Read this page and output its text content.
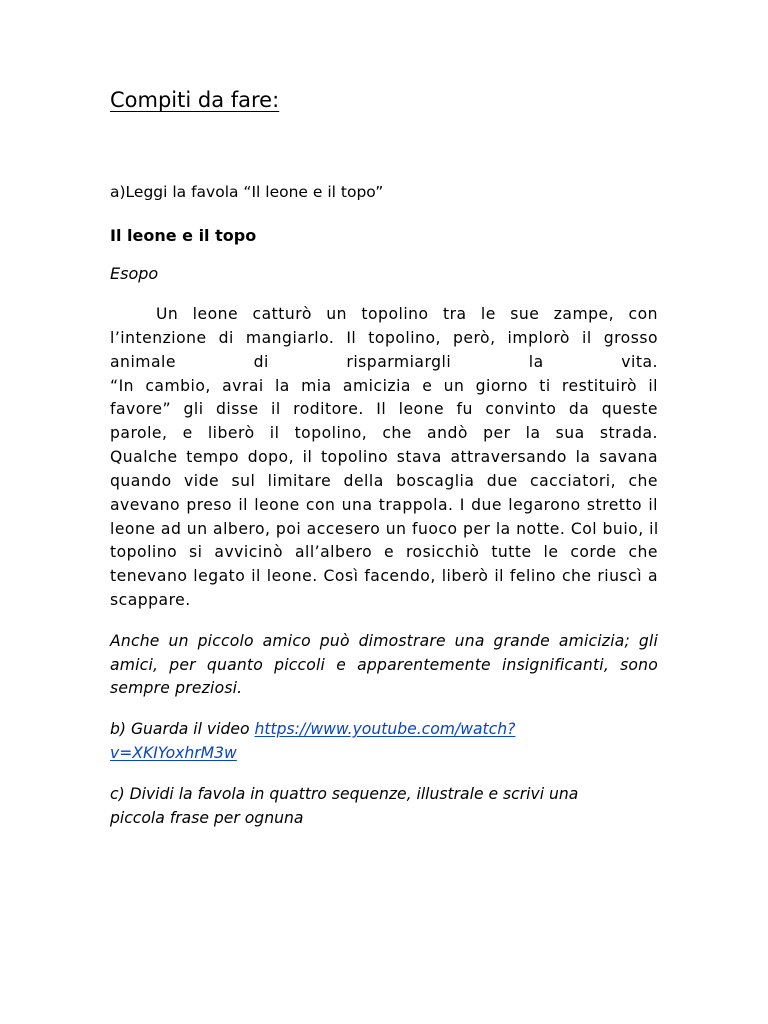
Compiti da fare:
a)Leggi la favola “Il leone e il topo”
Il leone e il topo
Esopo
Un leone catturò un topolino tra le sue zampe, con
l’intenzione di mangiarlo. Il topolino, però, implorò il grosso
animale di risparmiargli la vita.
“In cambio, avrai la mia amicizia e un giorno ti restituirò il
favore” gli disse il roditore. Il leone fu convinto da queste
parole, e liberò il topolino, che andò per la sua strada.
Qualche tempo dopo, il topolino stava attraversando la savana
quando vide sul limitare della boscaglia due cacciatori, che
avevano preso il leone con una trappola. I due legarono stretto il
leone ad un albero, poi accesero un fuoco per la notte. Col buio, il
topolino si avvicinò all’albero e rosicchiò tutte le corde che
tenevano legato il leone. Così facendo, liberò il felino che riuscì a
scappare.
Anche un piccolo amico può dimostrare una grande amicizia; gli
amici, per quanto piccoli e apparentemente insignificanti, sono
sempre preziosi.
b) Guarda il video https://www.youtube.com/watch?
v=XKIYoxhrM3w
c) Dividi la favola in quattro sequenze, illustrale e scrivi una
piccola frase per ognuna
